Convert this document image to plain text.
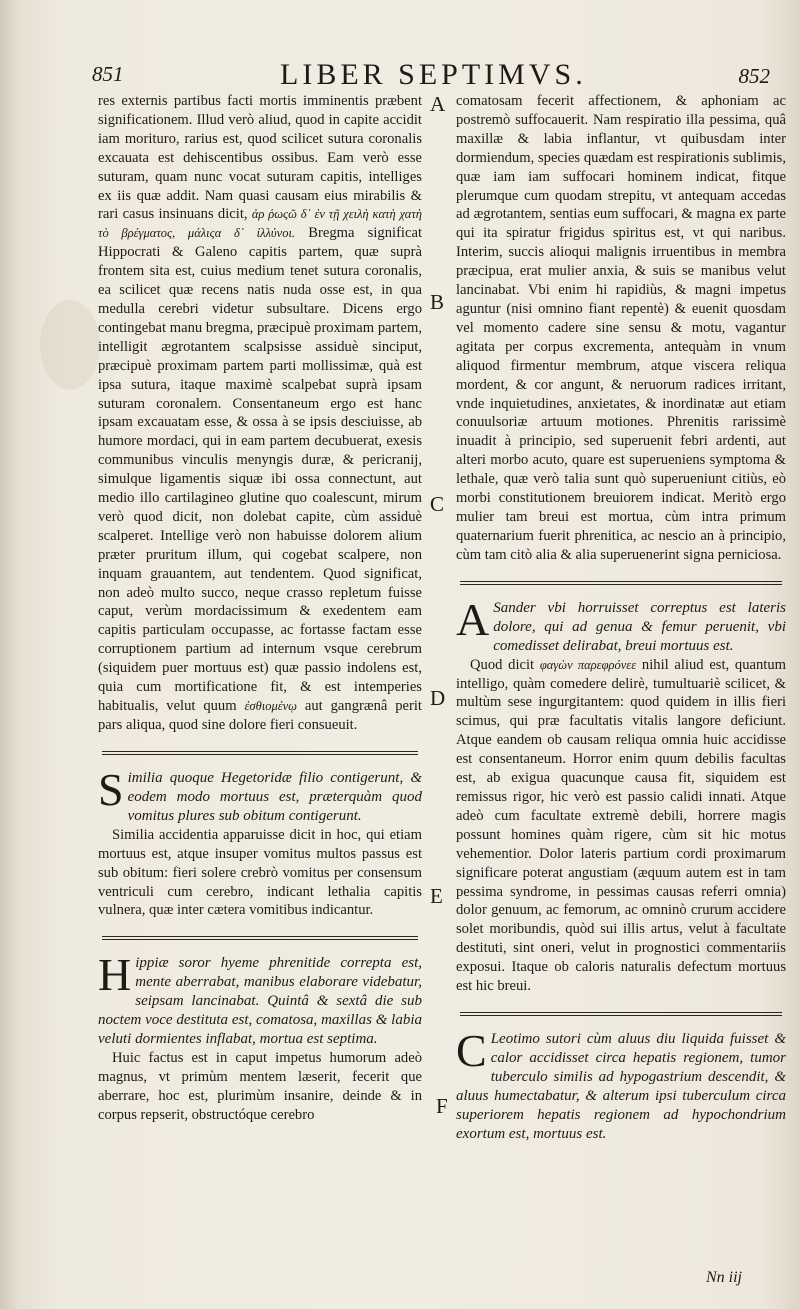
851	LIBER SEPTIMVS.	852
A
B
C
D
E
F

res externis partibus facti mortis imminentis præbent significationem. Illud verò aliud, quod in capite accidit iam morituro, rarius est, quod scilicet sutura coronalis excauata est dehiscentibus ossibus. Eam verò esse suturam, quam nunc vocat suturam capitis, intelliges ex iis quæ addit. Nam quasi causam eius mirabilis & rari casus insinuans dicit, ἀρ ῥωςῶ δ᾽ ἐν τῇ χειλὴ κατὴ χατὴ τὸ βρέγματος, μάλιςα δ᾽ ἰλλύνοι. Bregma significat Hippocrati & Galeno capitis partem, quæ suprà frontem sita est, cuius medium tenet sutura coronalis, ea scilicet quæ recens natis nuda osse est, in qua medulla cerebri videtur subsultare. Dicens ergo contingebat manu bregma, præcipuè proximam partem, intelligit ægrotantem scalpsisse assiduè sinciput, præcipuè proximam partem parti mollissimæ, quà est ipsa sutura, itaque maximè scalpebat suprà ipsam suturam coronalem. Consentaneum ergo est hanc ipsam excauatam esse, & ossa à se ipsis desciuisse, ab humore mordaci, qui in eam partem decubuerat, exesis communibus vinculis menyngis duræ, & pericranij, simulque ligamentis siquæ ibi ossa connectunt, aut medio illo cartilagineo glutine quo coalescunt, mirum verò quod dicit, non dolebat capite, cùm assiduè scalperet. Intellige verò non habuisse dolorem alium præter pruritum illum, qui cogebat scalpere, non inquam grauantem, aut tendentem. Quod significat, non adeò multo succo, neque crasso repletum fuisse caput, verùm mordacissimum & exedentem eam capitis particulam occupasse, ac fortasse factam esse corruptionem partium ad internum vsque cerebrum (siquidem puer mortuus est) quæ passio indolens est, quia cum mortificatione fit, & est intemperies habitualis, velut quum ἐσθιομένῳ aut gangrænâ perit pars aliqua, quod sine dolore fieri consueuit.

Similia quoque Hegetoridæ filio contigerunt, & eodem modo mortuus est, præterquàm quod vomitus plures sub obitum contigerunt.

Similia accidentia apparuisse dicit in hoc, qui etiam mortuus est, atque insuper vomitus multos passus est sub obitum: fieri solere crebrò vomitus per consensum ventriculi cum cerebro, indicant lethalia capitis vulnera, quæ inter cætera vomitibus indicantur.

Hippiæ soror hyeme phrenitide correpta est, mente aberrabat, manibus elaborare videbatur, seipsam lancinabat. Quintâ & sextâ die sub noctem voce destituta est, comatosa, maxillas & labia veluti dormientes inflabat, mortua est septima.

Huic factus est in caput impetus humorum adeò magnus, vt primùm mentem læserit, fecerit que aberrare, hoc est, plurimùm insanire, deinde & in corpus repserit, obstructóque cerebro

comatosam fecerit affectionem, & aphoniam ac postremò suffocauerit. Nam respiratio illa pessima, quâ maxillæ & labia inflantur, vt quibusdam inter dormiendum, species quædam est respirationis sublimis, quæ iam iam suffocari hominem indicat, fitque plerumque cum quodam strepitu, vt antequam accedas ad ægrotantem, sentias eum suffocari, & magna ex parte qui ita spiratur frigidus spiritus est, vt qui naribus. Interim, succis alioqui malignis irruentibus in membra præcipua, erat mulier anxia, & suis se manibus velut lancinabat. Vbi enim hi rapidiùs, & magni impetus aguntur (nisi omnino fiant repentè) & euenit quosdam vel momento cadere sine sensu & motu, vagantur agitata per corpus excrementa, antequàm in vnum aliquod firmentur membrum, atque viscera reliqua mordent, & cor angunt, & neruorum radices irritant, vnde inquietudines, anxietates, & inordinatæ aut etiam conuulsoriæ artuum motiones. Phrenitis rarissimè inuadit à principio, sed superuenit febri ardenti, aut alteri morbo acuto, quare est superueniens symptoma & lethale, quæ verò talia sunt quò superueniunt citiùs, eò morbi constitutionem breuiorem indicat. Meritò ergo mulier tam breui est mortua, cùm intra primum quaternarium fuerit phrenitica, ac nescio an à principio, cùm tam citò alia & alia superuenerint signa perniciosa.

A Sander vbi horruisset correptus est lateris dolore, qui ad genua & femur peruenit, vbi comedisset delirabat, breui mortuus est.

Quod dicit φαγὼν παρεφρόνεε nihil aliud est, quantum intelligo, quàm comedere delirè, tumultuariè scilicet, & multùm sese ingurgitantem: quod quidem in illis fieri scimus, qui præ facultatis vitalis langore deficiunt. Atque eandem ob causam reliqua omnia huic accidisse est consentaneum. Horror enim quum debilis facultas est, ab exigua quacunque causa fit, siquidem est remissus rigor, hic verò est passio calidi innati. Atque adeò cum facultate extremè debili, horrere magis possunt homines quàm rigere, cùm sit hic motus vehementior. Dolor lateris partium cordi proximarum significare poterat angustiam (æquum autem est in tam pessima syndrome, in pessimas causas referri omnia) dolor genuum, ac femorum, ac omninò crurum accidere solet moribundis, quòd sui illis artus, velut à facultate destituti, sint oneri, velut in prognostici commentariis exposui. Itaque ob caloris naturalis defectum mortuus est hic breui.

C Leotimo sutori cùm aluus diu liquida fuisset & calor accidisset circa hepatis regionem, tumor tuberculo similis ad hypogastrium descendit, & aluus humectabatur, & alterum ipsi tuberculum circa superiorem hepatis regionem ad hypochondrium exortum est, mortuus est.

Nn iij
